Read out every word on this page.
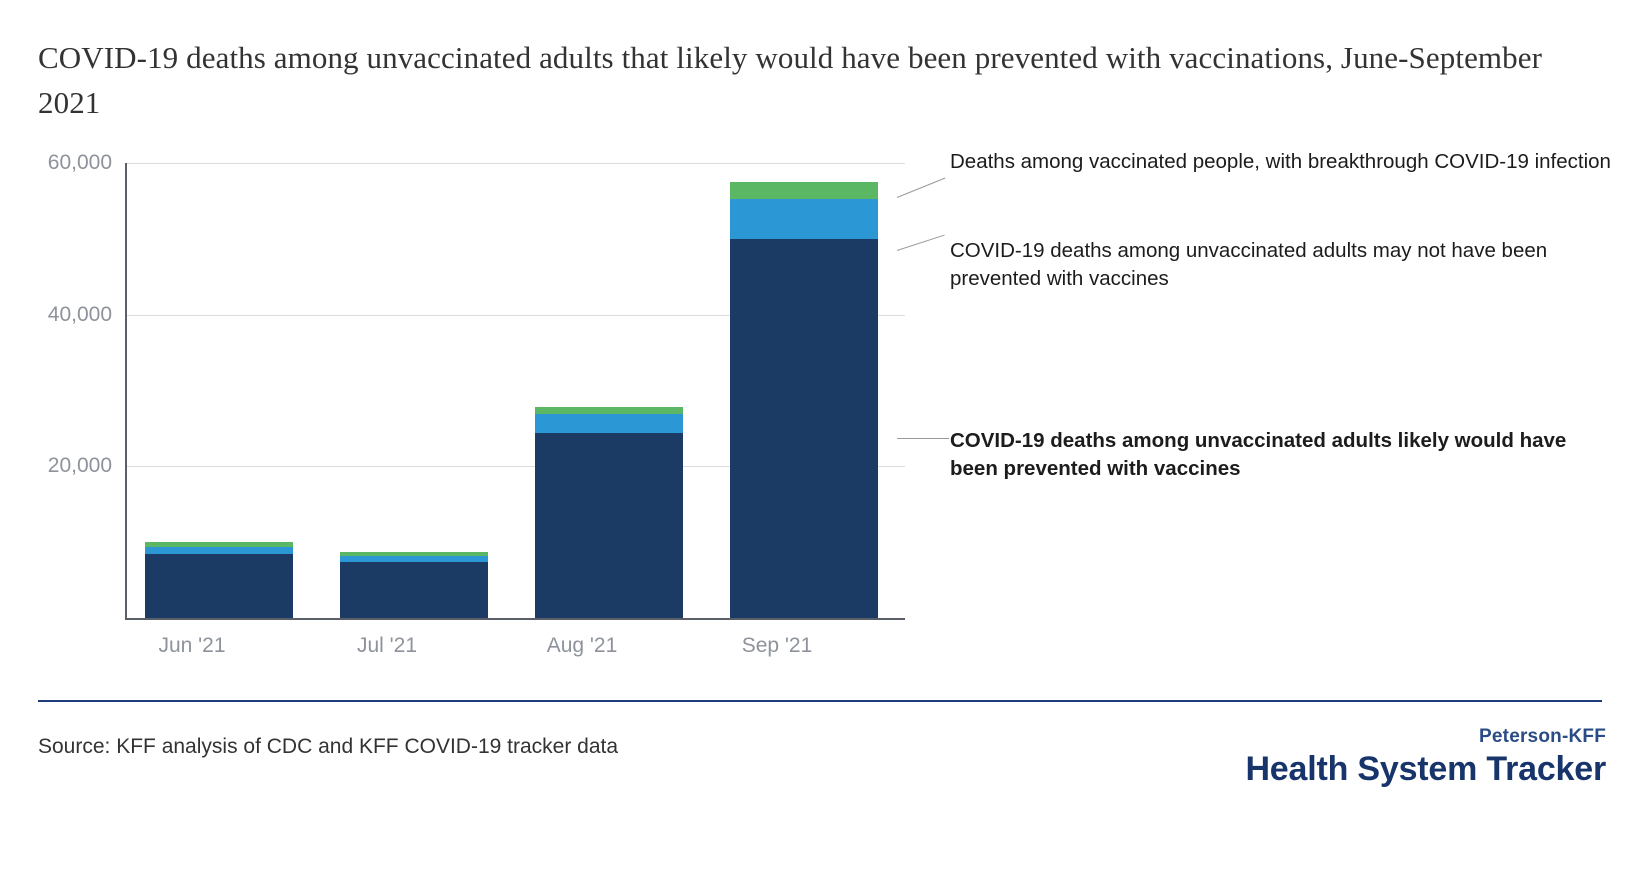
COVID-19 deaths among unvaccinated adults that likely would have been prevented with vaccinations, June-September 2021
60,000
40,000
20,000
Jun '21	Jul '21	Aug '21	Sep '21
Deaths among vaccinated people, with breakthrough COVID-19 infection
COVID-19 deaths among unvaccinated adults may not have been prevented with vaccines
COVID-19 deaths among unvaccinated adults likely would have been prevented with vaccines
Source: KFF analysis of CDC and KFF COVID-19 tracker data	Peterson-KFF
Health System Tracker
